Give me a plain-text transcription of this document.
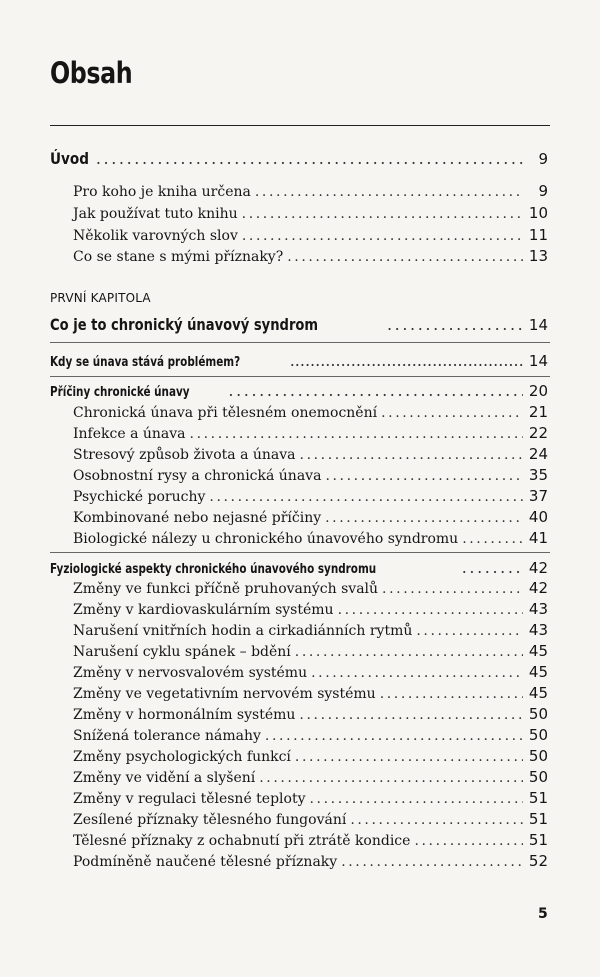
Obsah
Úvod .....	9
Pro koho je kniha určena .....	9
Jak používat tuto knihu .....	10
Několik varovných slov .....	11
Co se stane s mými příznaky? .....	13
PRVNÍ KAPITOLA
Co je to chronický únavový syndrom .....	14
Kdy se únava stává problémem? .....	14
Příčiny chronické únavy .....	20
Chronická únava při tělesném onemocnění .....	21
Infekce a únava .....	22
Stresový způsob života a únava .....	24
Osobnostní rysy a chronická únava .....	35
Psychické poruchy .....	37
Kombinované nebo nejasné příčiny .....	40
Biologické nálezy u chronického únavového syndromu .....	41
Fyziologické aspekty chronického únavového syndromu .....	42
Změny ve funkci příčně pruhovaných svalů .....	42
Změny v kardiovaskulárním systému .....	43
Narušení vnitřních hodin a cirkadiánních rytmů .....	43
Narušení cyklu spánek – bdění .....	45
Změny v nervosvalovém systému .....	45
Změny ve vegetativním nervovém systému .....	45
Změny v hormonálním systému .....	50
Snížená tolerance námahy .....	50
Změny psychologických funkcí .....	50
Změny ve vidění a slyšení .....	50
Změny v regulaci tělesné teploty .....	51
Zesílené příznaky tělesného fungování .....	51
Tělesné příznaky z ochabnutí při ztrátě kondice .....	51
Podmíněně naučené tělesné příznaky .....	52
5
